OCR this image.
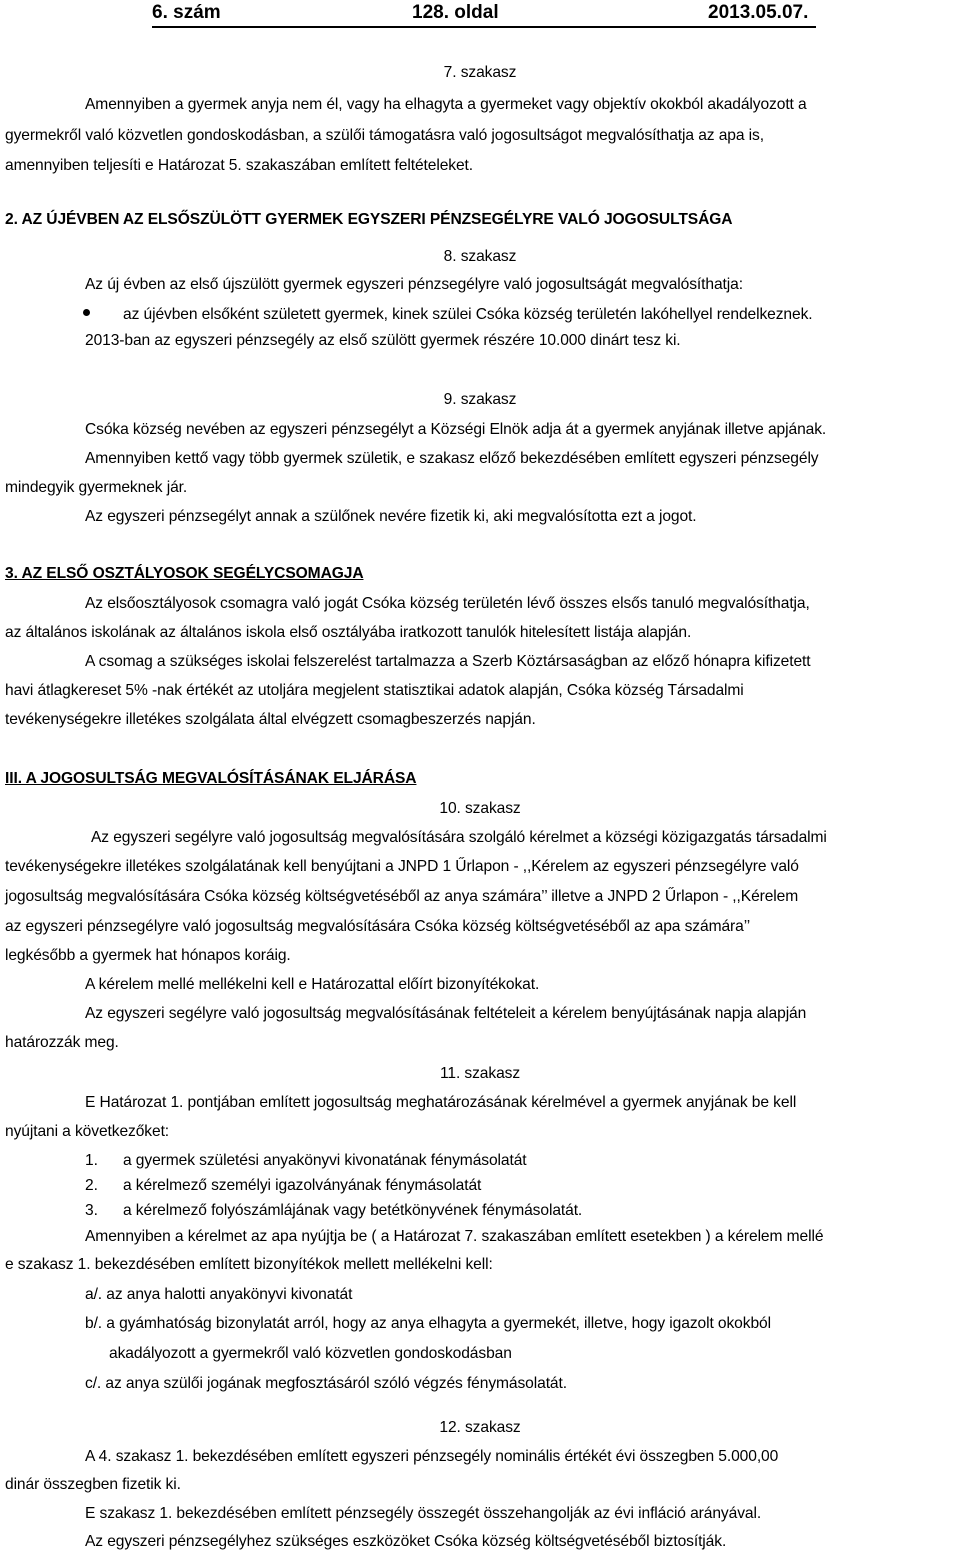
6. szám	128. oldal	2013.05.07.
7. szakasz
Amennyiben a gyermek anyja nem él, vagy ha elhagyta a gyermeket vagy objektív okokból akadályozott a
gyermekről való közvetlen gondoskodásban, a szülői támogatásra való jogosultságot megvalósíthatja az apa is,
amennyiben teljesíti e Határozat 5. szakaszában említett feltételeket.
2. AZ ÚJÉVBEN AZ ELSŐSZÜLÖTT GYERMEK EGYSZERI PÉNZSEGÉLYRE VALÓ JOGOSULTSÁGA
8. szakasz
Az új évben az első újszülött gyermek egyszeri pénzsegélyre való jogosultságát megvalósíthatja:
az újévben elsőként született gyermek, kinek szülei Csóka község területén lakóhellyel rendelkeznek.
2013-ban az egyszeri pénzsegély az első szülött gyermek részére 10.000 dinárt tesz ki.
9. szakasz
Csóka község nevében az egyszeri pénzsegélyt a Községi Elnök adja át a gyermek anyjának illetve apjának.
Amennyiben kettő vagy több gyermek születik, e szakasz előző bekezdésében említett egyszeri pénzsegély
mindegyik gyermeknek jár.
Az egyszeri pénzsegélyt annak a szülőnek nevére fizetik ki, aki megvalósította ezt a jogot.
3. AZ ELSŐ OSZTÁLYOSOK SEGÉLYCSOMAGJA
Az elsőosztályosok csomagra való jogát Csóka község területén lévő összes elsős tanuló megvalósíthatja,
az általános iskolának az általános iskola első osztályába iratkozott tanulók hitelesített listája alapján.
A csomag a szükséges iskolai felszerelést tartalmazza a Szerb Köztársaságban az előző hónapra kifizetett
havi átlagkereset 5% -nak értékét az utoljára megjelent statisztikai adatok alapján, Csóka község Társadalmi
tevékenységekre illetékes szolgálata által elvégzett csomagbeszerzés napján.
III. A JOGOSULTSÁG MEGVALÓSÍTÁSÁNAK ELJÁRÁSA
10. szakasz
Az egyszeri segélyre való jogosultság megvalósítására szolgáló kérelmet a községi közigazgatás társadalmi
tevékenységekre illetékes szolgálatának kell benyújtani a JNPD 1 Űrlapon - ,,Kérelem az egyszeri pénzsegélyre való
jogosultság megvalósítására Csóka község költségvetéséből az anya számára’’ illetve a JNPD 2 Űrlapon - ,,Kérelem
az egyszeri pénzsegélyre való jogosultság megvalósítására Csóka község költségvetéséből az apa számára’’
legkésőbb a gyermek hat hónapos koráig.
A kérelem mellé mellékelni kell e Határozattal előírt bizonyítékokat.
Az egyszeri segélyre való jogosultság megvalósításának feltételeit a kérelem benyújtásának napja alapján
határozzák meg.
11. szakasz
E Határozat 1. pontjában említett jogosultság meghatározásának kérelmével a gyermek anyjának be kell
nyújtani a következőket:
1. a gyermek születési anyakönyvi kivonatának fénymásolatát
2. a kérelmező személyi igazolványának fénymásolatát
3. a kérelmező folyószámlájának vagy betétkönyvének fénymásolatát.
Amennyiben a kérelmet az apa nyújtja be ( a Határozat 7. szakaszában említett esetekben ) a kérelem mellé
e szakasz 1. bekezdésében említett bizonyítékok mellett mellékelni kell:
a/. az anya halotti anyakönyvi kivonatát
b/. a gyámhatóság bizonylatát arról, hogy az anya elhagyta a gyermekét, illetve, hogy igazolt okokból
akadályozott a gyermekről való közvetlen gondoskodásban
c/. az anya szülői jogának megfosztásáról szóló végzés fénymásolatát.
12. szakasz
A 4. szakasz 1. bekezdésében említett egyszeri pénzsegély nominális értékét évi összegben 5.000,00
dinár összegben fizetik ki.
E szakasz 1. bekezdésében említett pénzsegély összegét összehangolják az évi infláció arányával.
Az egyszeri pénzsegélyhez szükséges eszközöket Csóka község költségvetéséből biztosítják.
